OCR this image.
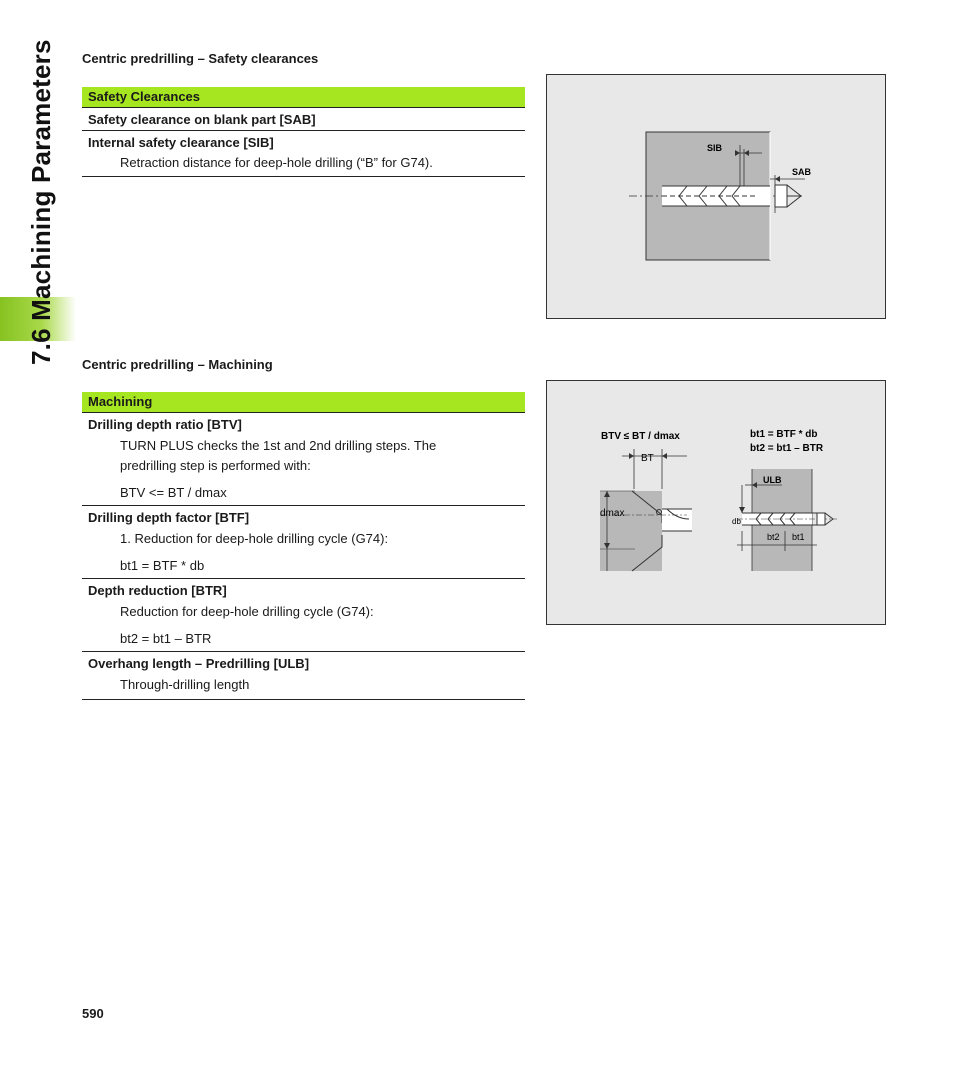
7.6 Machining Parameters Centric predrilling – Safety clearances
Safety Clearances
Safety clearance on blank part [SAB]
Internal safety clearance [SIB]
Retraction distance for deep-hole drilling (“B” for G74).
SIB
SAB
Centric predrilling – Machining
Machining
Drilling depth ratio [BTV]
TURN PLUS checks the 1st and 2nd drilling steps. The
predrilling step is performed with:
BTV <= BT / dmax
Drilling depth factor [BTF]
1. Reduction for deep-hole drilling cycle (G74):
bt1 = BTF * db
Depth reduction [BTR]
Reduction for deep-hole drilling cycle (G74):
bt2 = bt1 – BTR
Overhang length – Predrilling [ULB]
Through-drilling length
BTV ≤ BT / dmax
BT
dmax
bt1 = BTF * db
bt2 = bt1 – BTR
ULB
db
bt2 bt1
590
